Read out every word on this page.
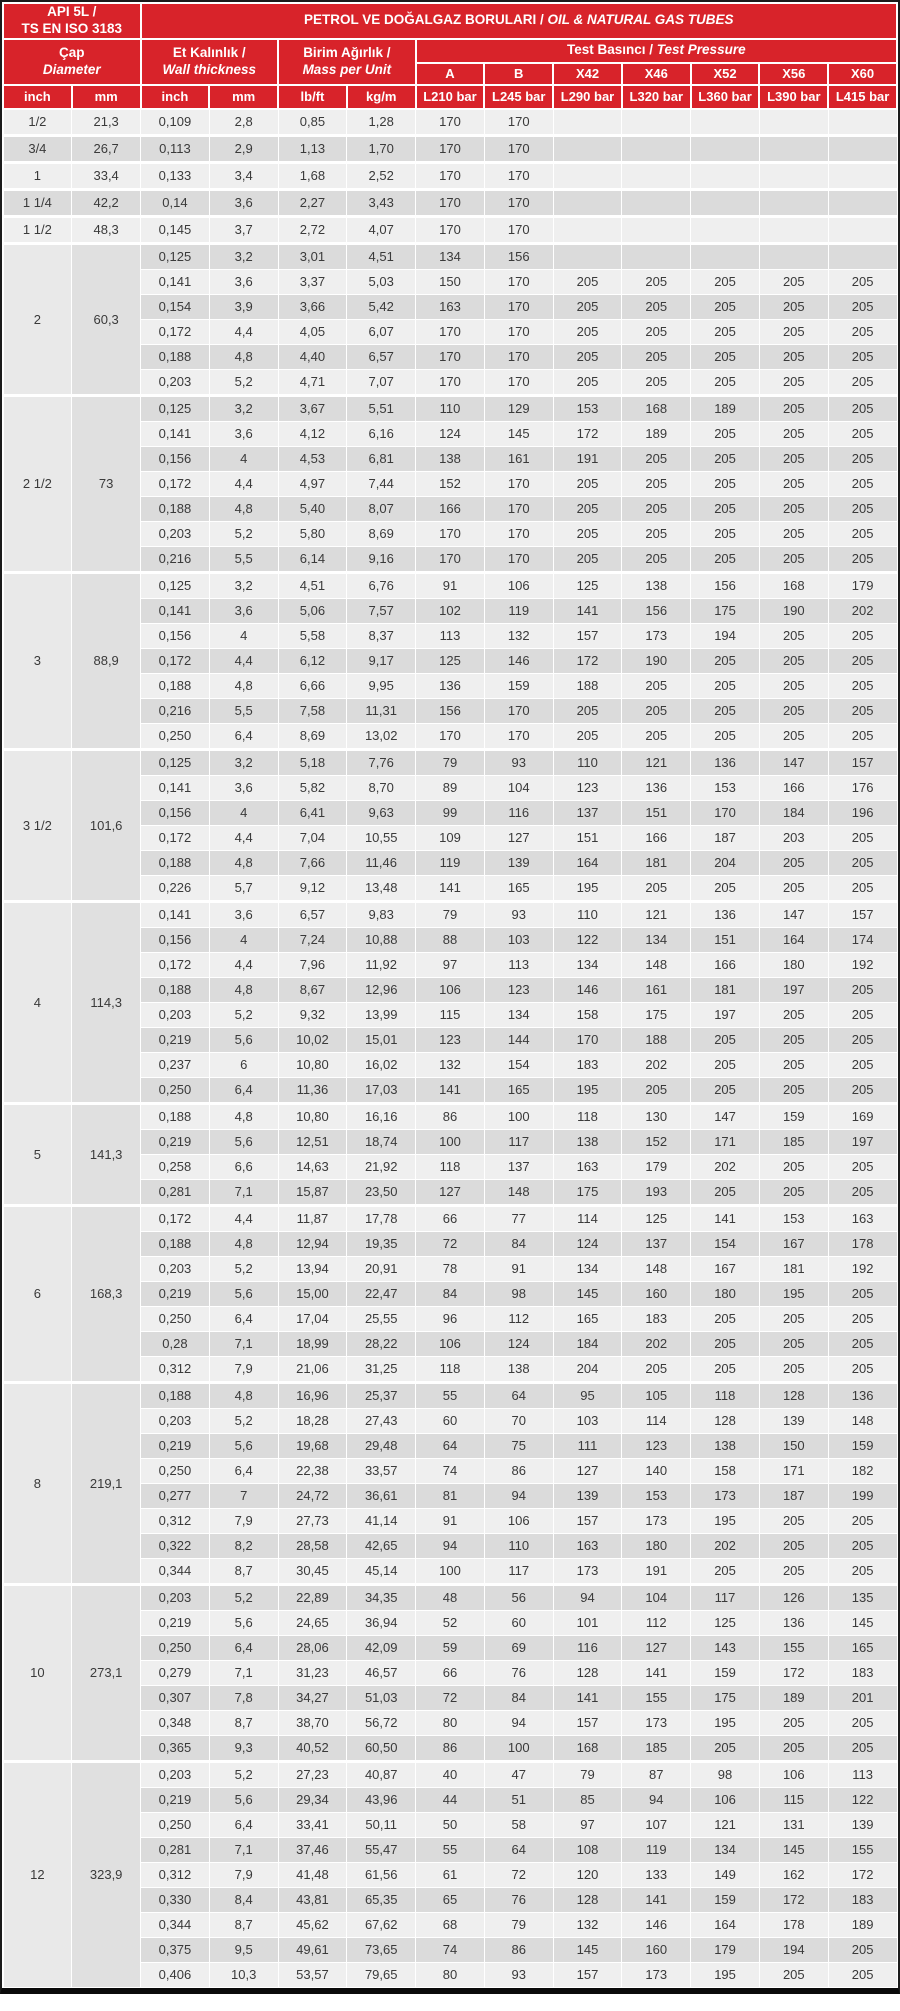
API 5L /
TS EN ISO 3183		PETROL VE DOĞALGAZ BORULARI / OIL & NATURAL GAS TUBES										
Çap
Diameter		Et Kalınlık /
Wall thickness		Birim Ağırlık /
Mass per Unit		Test Basıncı / Test Pressure						
						A	B	X42	X46	X52	X56	X60
inch	mm	inch	mm	lb/ft	kg/m	L210 bar	L245 bar	L290 bar	L320 bar	L360 bar	L390 bar	L415 bar
1/2	21,3	0,109	2,8	0,85	1,28	170	170					
3/4	26,7	0,113	2,9	1,13	1,70	170	170					
1	33,4	0,133	3,4	1,68	2,52	170	170					
1 1/4	42,2	0,14	3,6	2,27	3,43	170	170					
1 1/2	48,3	0,145	3,7	2,72	4,07	170	170					
2	60,3	0,125	3,2	3,01	4,51	134	156					
		0,141	3,6	3,37	5,03	150	170	205	205	205	205	205
		0,154	3,9	3,66	5,42	163	170	205	205	205	205	205
		0,172	4,4	4,05	6,07	170	170	205	205	205	205	205
		0,188	4,8	4,40	6,57	170	170	205	205	205	205	205
		0,203	5,2	4,71	7,07	170	170	205	205	205	205	205
2 1/2	73	0,125	3,2	3,67	5,51	110	129	153	168	189	205	205
		0,141	3,6	4,12	6,16	124	145	172	189	205	205	205
		0,156	4	4,53	6,81	138	161	191	205	205	205	205
		0,172	4,4	4,97	7,44	152	170	205	205	205	205	205
		0,188	4,8	5,40	8,07	166	170	205	205	205	205	205
		0,203	5,2	5,80	8,69	170	170	205	205	205	205	205
		0,216	5,5	6,14	9,16	170	170	205	205	205	205	205
3	88,9	0,125	3,2	4,51	6,76	91	106	125	138	156	168	179
		0,141	3,6	5,06	7,57	102	119	141	156	175	190	202
		0,156	4	5,58	8,37	113	132	157	173	194	205	205
		0,172	4,4	6,12	9,17	125	146	172	190	205	205	205
		0,188	4,8	6,66	9,95	136	159	188	205	205	205	205
		0,216	5,5	7,58	11,31	156	170	205	205	205	205	205
		0,250	6,4	8,69	13,02	170	170	205	205	205	205	205
3 1/2	101,6	0,125	3,2	5,18	7,76	79	93	110	121	136	147	157
		0,141	3,6	5,82	8,70	89	104	123	136	153	166	176
		0,156	4	6,41	9,63	99	116	137	151	170	184	196
		0,172	4,4	7,04	10,55	109	127	151	166	187	203	205
		0,188	4,8	7,66	11,46	119	139	164	181	204	205	205
		0,226	5,7	9,12	13,48	141	165	195	205	205	205	205
4	114,3	0,141	3,6	6,57	9,83	79	93	110	121	136	147	157
		0,156	4	7,24	10,88	88	103	122	134	151	164	174
		0,172	4,4	7,96	11,92	97	113	134	148	166	180	192
		0,188	4,8	8,67	12,96	106	123	146	161	181	197	205
		0,203	5,2	9,32	13,99	115	134	158	175	197	205	205
		0,219	5,6	10,02	15,01	123	144	170	188	205	205	205
		0,237	6	10,80	16,02	132	154	183	202	205	205	205
		0,250	6,4	11,36	17,03	141	165	195	205	205	205	205
5	141,3	0,188	4,8	10,80	16,16	86	100	118	130	147	159	169
		0,219	5,6	12,51	18,74	100	117	138	152	171	185	197
		0,258	6,6	14,63	21,92	118	137	163	179	202	205	205
		0,281	7,1	15,87	23,50	127	148	175	193	205	205	205
6	168,3	0,172	4,4	11,87	17,78	66	77	114	125	141	153	163
		0,188	4,8	12,94	19,35	72	84	124	137	154	167	178
		0,203	5,2	13,94	20,91	78	91	134	148	167	181	192
		0,219	5,6	15,00	22,47	84	98	145	160	180	195	205
		0,250	6,4	17,04	25,55	96	112	165	183	205	205	205
		0,28	7,1	18,99	28,22	106	124	184	202	205	205	205
		0,312	7,9	21,06	31,25	118	138	204	205	205	205	205
8	219,1	0,188	4,8	16,96	25,37	55	64	95	105	118	128	136
		0,203	5,2	18,28	27,43	60	70	103	114	128	139	148
		0,219	5,6	19,68	29,48	64	75	111	123	138	150	159
		0,250	6,4	22,38	33,57	74	86	127	140	158	171	182
		0,277	7	24,72	36,61	81	94	139	153	173	187	199
		0,312	7,9	27,73	41,14	91	106	157	173	195	205	205
		0,322	8,2	28,58	42,65	94	110	163	180	202	205	205
		0,344	8,7	30,45	45,14	100	117	173	191	205	205	205
10	273,1	0,203	5,2	22,89	34,35	48	56	94	104	117	126	135
		0,219	5,6	24,65	36,94	52	60	101	112	125	136	145
		0,250	6,4	28,06	42,09	59	69	116	127	143	155	165
		0,279	7,1	31,23	46,57	66	76	128	141	159	172	183
		0,307	7,8	34,27	51,03	72	84	141	155	175	189	201
		0,348	8,7	38,70	56,72	80	94	157	173	195	205	205
		0,365	9,3	40,52	60,50	86	100	168	185	205	205	205
12	323,9	0,203	5,2	27,23	40,87	40	47	79	87	98	106	113
		0,219	5,6	29,34	43,96	44	51	85	94	106	115	122
		0,250	6,4	33,41	50,11	50	58	97	107	121	131	139
		0,281	7,1	37,46	55,47	55	64	108	119	134	145	155
		0,312	7,9	41,48	61,56	61	72	120	133	149	162	172
		0,330	8,4	43,81	65,35	65	76	128	141	159	172	183
		0,344	8,7	45,62	67,62	68	79	132	146	164	178	189
		0,375	9,5	49,61	73,65	74	86	145	160	179	194	205
		0,406	10,3	53,57	79,65	80	93	157	173	195	205	205
